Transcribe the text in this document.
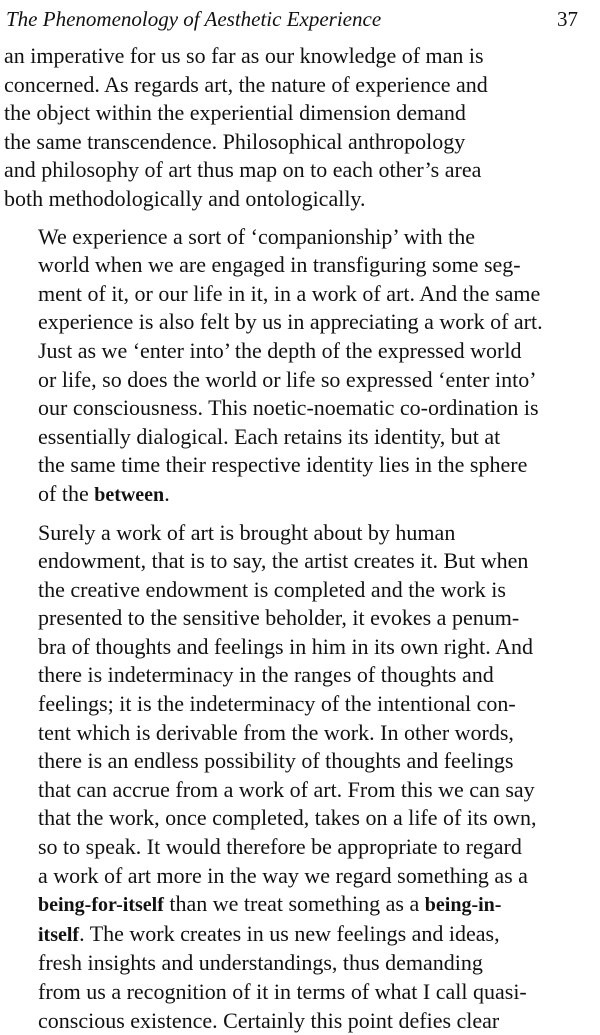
The Phenomenology of Aesthetic Experience	37

an imperative for us so far as our knowledge of man is
concerned. As regards art, the nature of experience and
the object within the experiential dimension demand
the same transcendence. Philosophical anthropology
and philosophy of art thus map on to each other’s area
both methodologically and ontologically.

We experience a sort of ‘companionship’ with the
world when we are engaged in transfiguring some seg-
ment of it, or our life in it, in a work of art. And the same
experience is also felt by us in appreciating a work of art.
Just as we ‘enter into’ the depth of the expressed world
or life, so does the world or life so expressed ‘enter into’
our consciousness. This noetic-noematic co-ordination is
essentially dialogical. Each retains its identity, but at
the same time their respective identity lies in the sphere
of the between.

Surely a work of art is brought about by human
endowment, that is to say, the artist creates it. But when
the creative endowment is completed and the work is
presented to the sensitive beholder, it evokes a penum-
bra of thoughts and feelings in him in its own right. And
there is indeterminacy in the ranges of thoughts and
feelings; it is the indeterminacy of the intentional con-
tent which is derivable from the work. In other words,
there is an endless possibility of thoughts and feelings
that can accrue from a work of art. From this we can say
that the work, once completed, takes on a life of its own,
so to speak. It would therefore be appropriate to regard
a work of art more in the way we regard something as a
being-for-itself than we treat something as a being-in-
itself. The work creates in us new feelings and ideas,
fresh insights and understandings, thus demanding
from us a recognition of it in terms of what I call quasi-
conscious existence. Certainly this point defies clear
